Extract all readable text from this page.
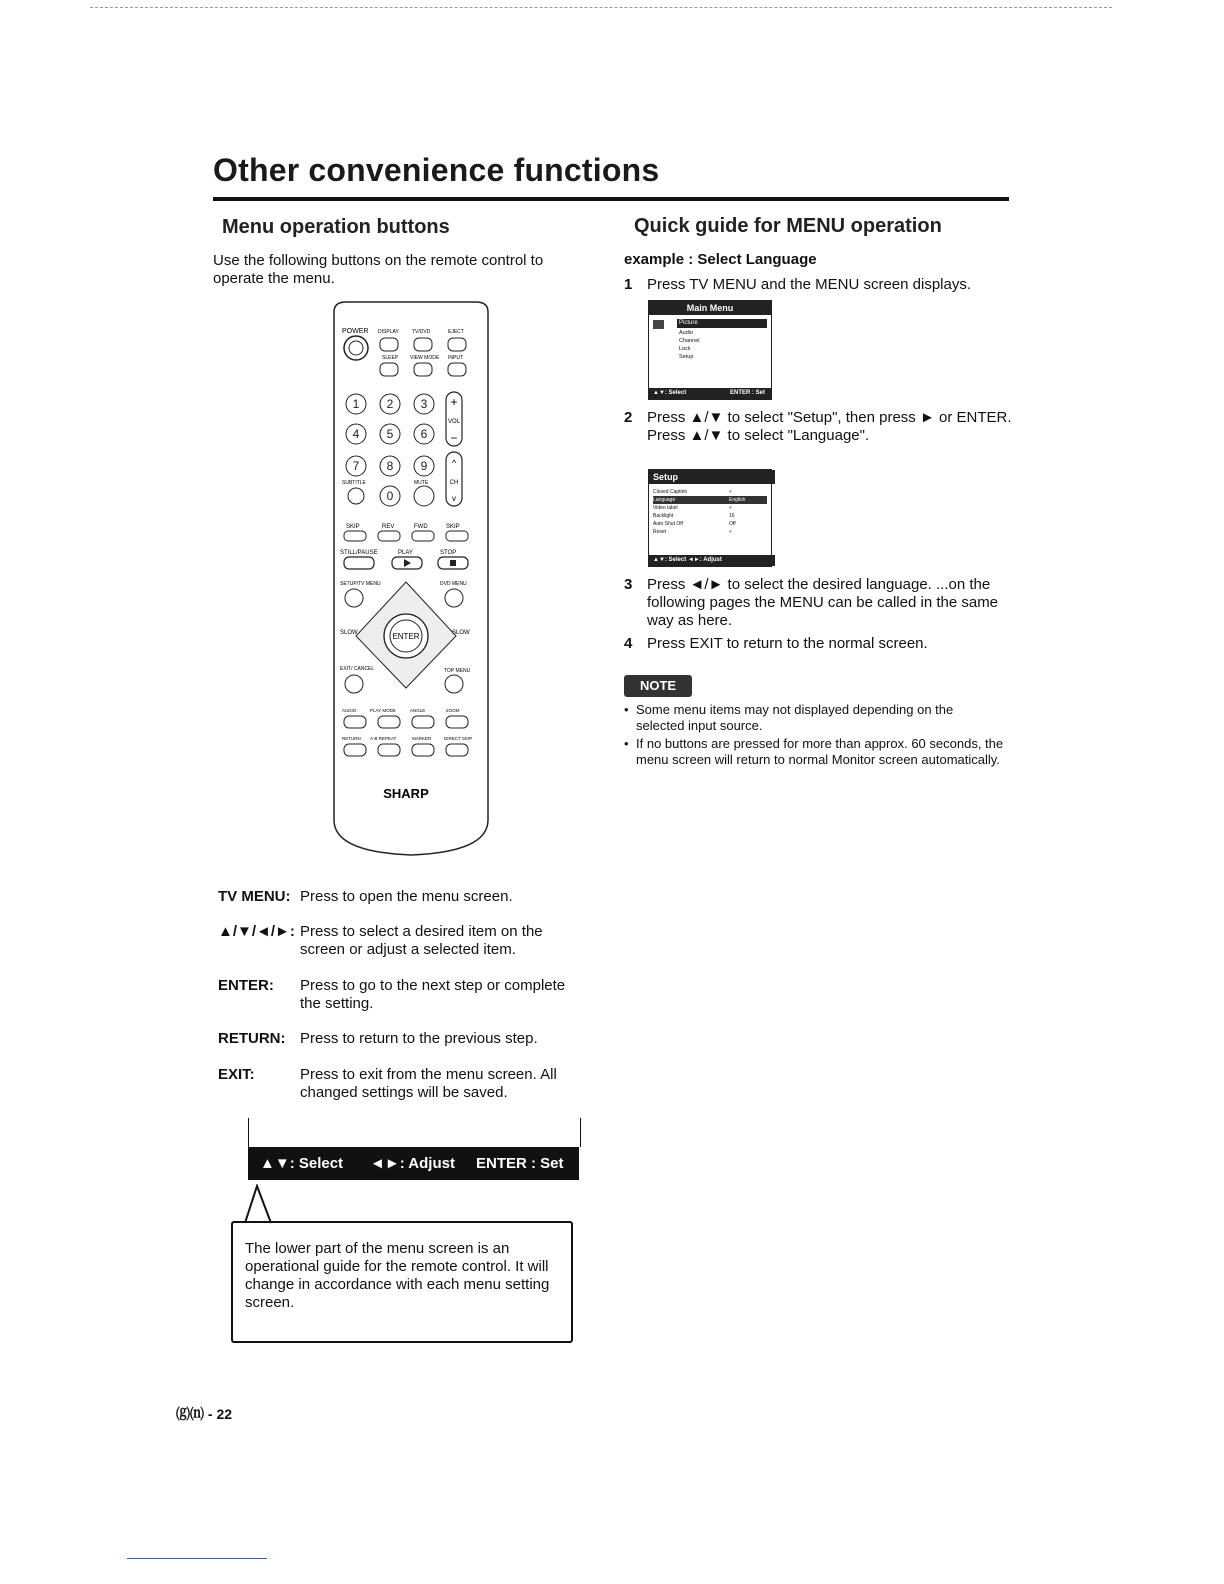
Other convenience functions
Menu operation buttons
Use the following buttons on the remote control to operate the menu.
POWER DISPLAY	TV/DVD	EJECT
SLEEP VIEW MODE INPUT
1 2 3
4 5 6
7 8 9
0
+
VOL
−
^
CH
v
SUBTITLE	MUTE
SKIP	REV	FWD	SKIP
STILL/PAUSE	PLAY	STOP
SETUP/TV MENU	DVD MENU
ENTER
SLOW	SLOW
EXIT/ CANCEL	TOP MENU
AUDIO	PLAY MODE	ANGLE	ZOOM
RETURN A-B REPEAT	MARKER	DIRECT SKIP
SHARP
TV MENU: Press to open the menu screen.
▲/▼/◄/►: Press to select a desired item on the screen or adjust a selected item.
ENTER: Press to go to the next step or complete the setting.
RETURN: Press to return to the previous step.
EXIT:	Press to exit from the menu screen. All changed settings will be saved.
▲▼: Select ◄►: Adjust ENTER : Set
The lower part of the menu screen is an operational guide for the remote control. It will change in accordance with each menu setting screen.
Quick guide for MENU operation
example : Select Language
1 Press TV MENU and the MENU screen displays.
Main Menu
Picture
Audio
Channel
Lock
Setup
▲▼: Select	ENTER : Set
2 Press ▲/▼ to select "Setup", then press ► or ENTER. Press ▲/▼ to select "Language".
Setup
Closed Caption	»
Language	English
Video label	»
Backlight	16
Auto Shut Off	Off
Reset	»
▲▼: Select ◄►: Adjust
3 Press ◄/► to select the desired language. ...on the following pages the MENU can be called in the same way as here.
4 Press EXIT to return to the normal screen.
NOTE
• Some menu items may not displayed depending on the selected input source.
• If no buttons are pressed for more than approx. 60 seconds, the menu screen will return to normal Monitor screen automatically.
⒢⒩ - 22
